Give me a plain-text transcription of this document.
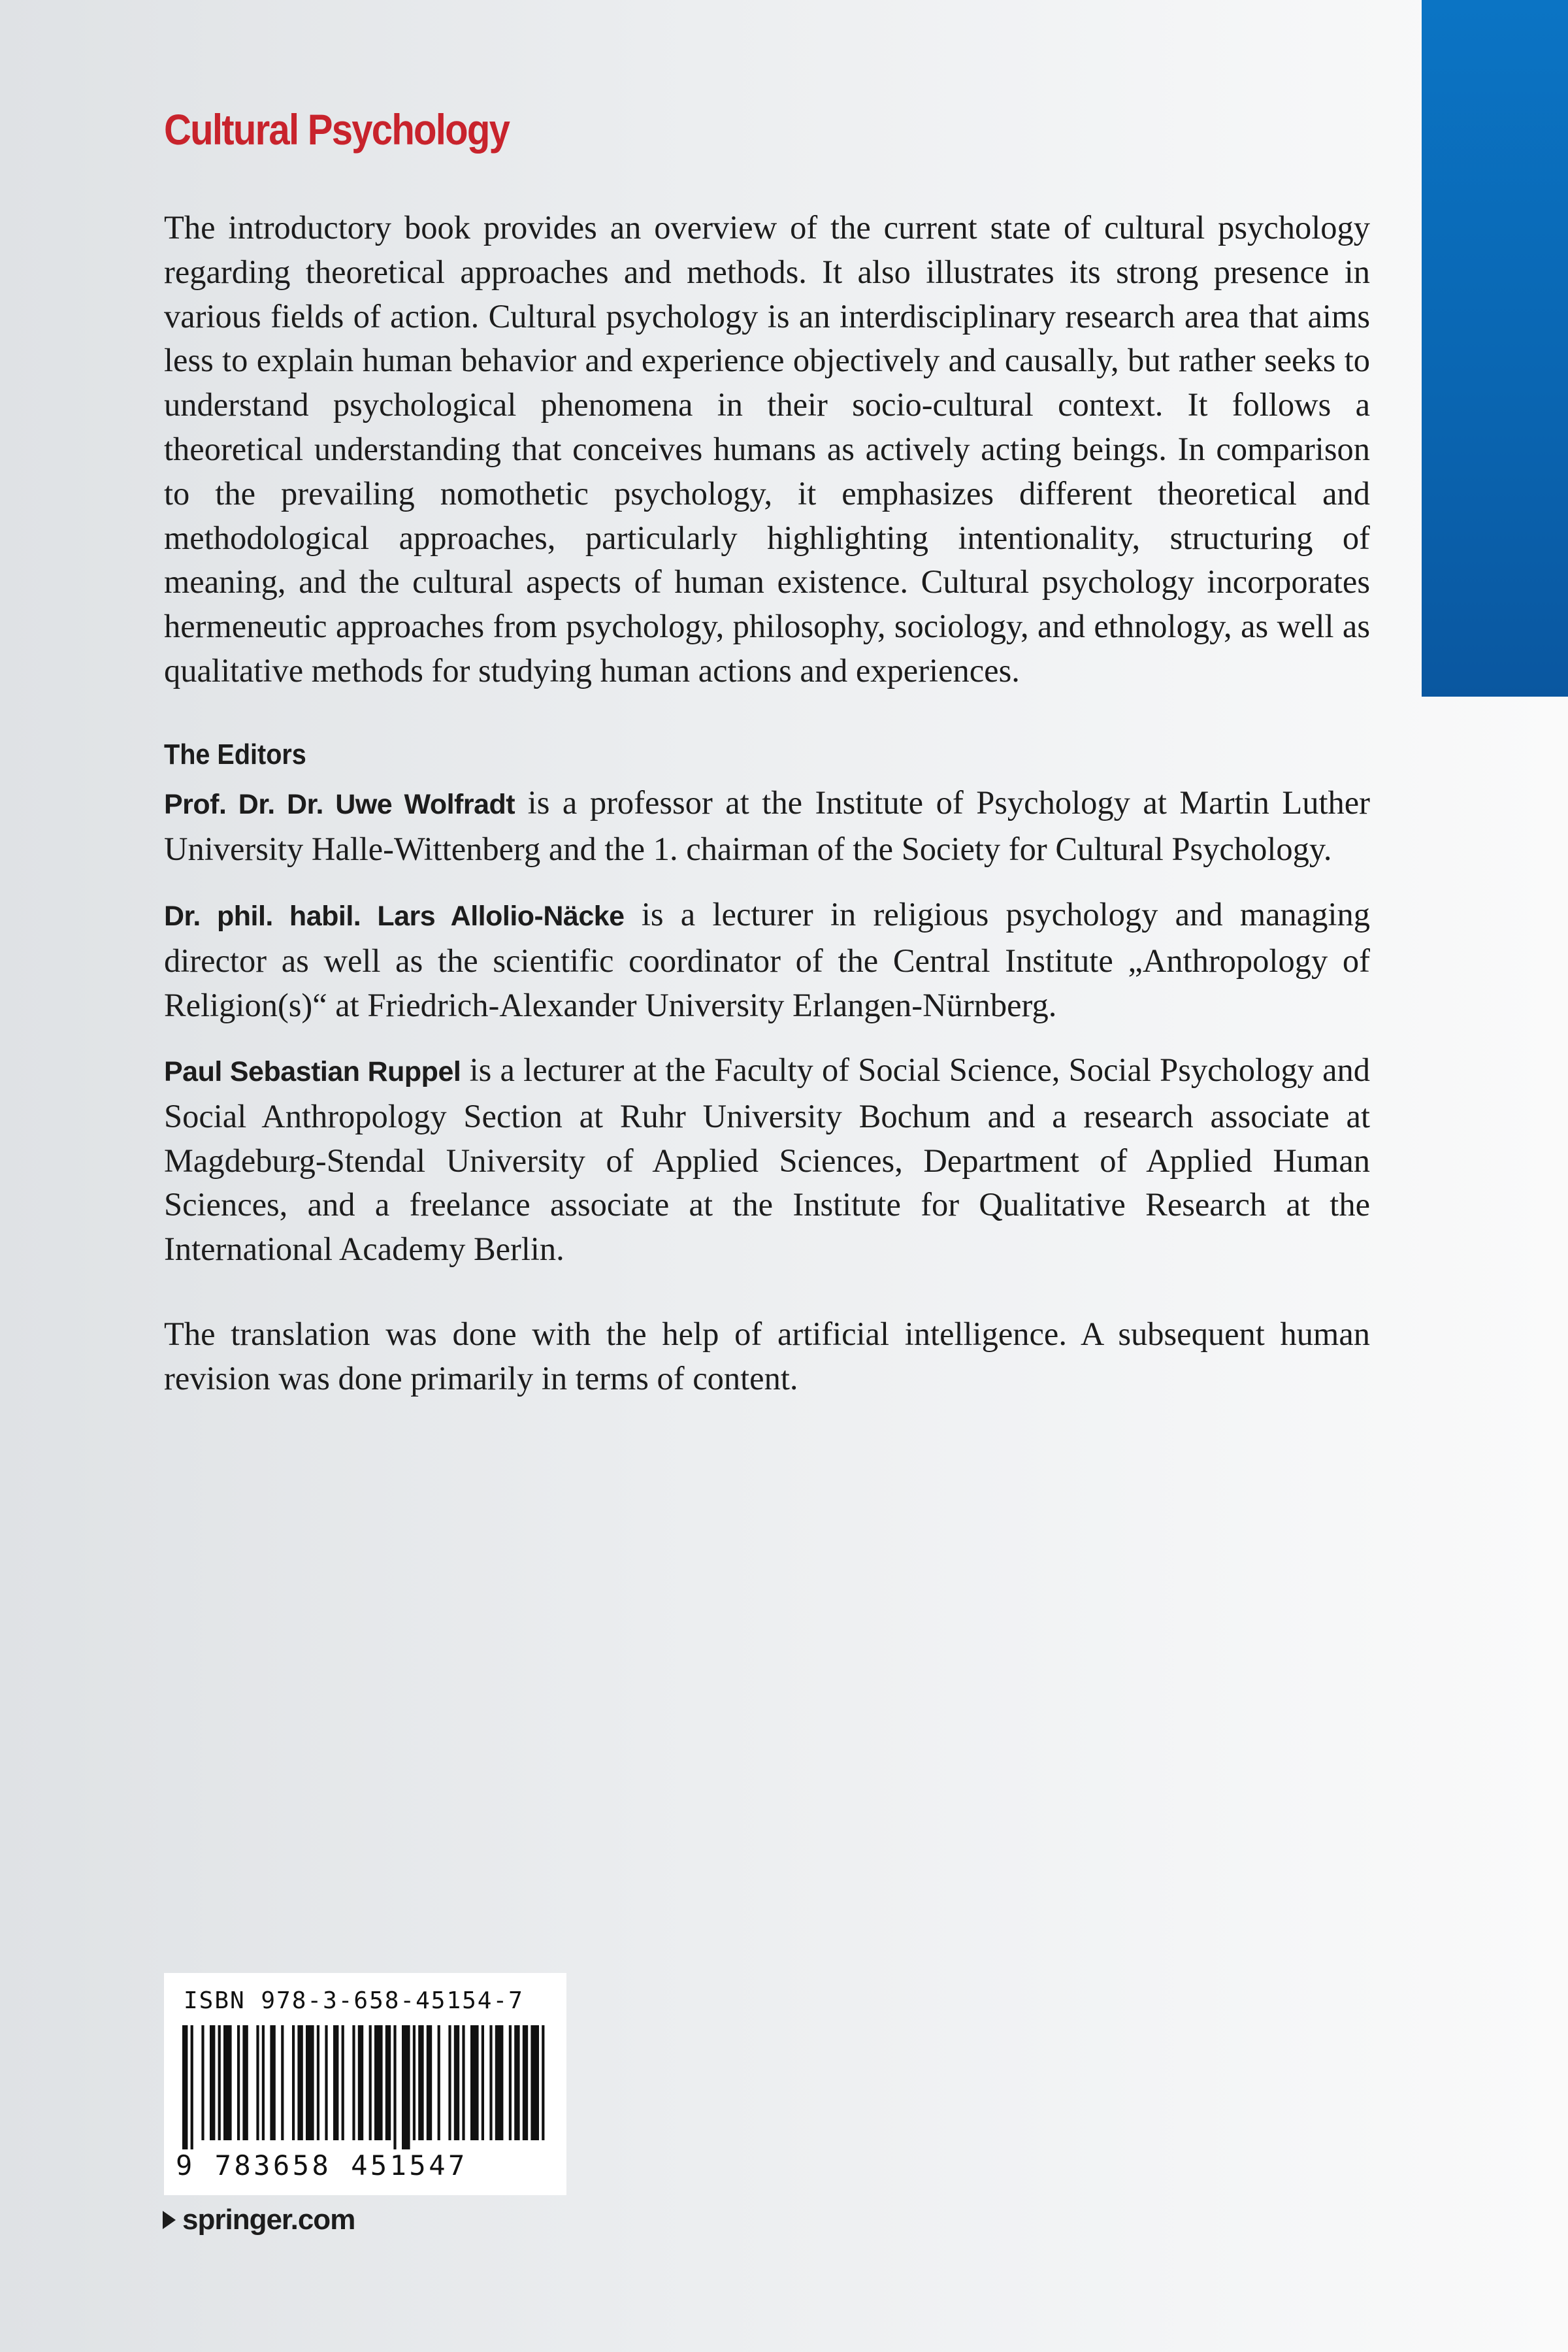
Cultural Psychology

The introductory book provides an overview of the current state of cultural psychology regarding theoretical approaches and methods. It also illustrates its strong presence in various fields of action. Cultural psychology is an interdisciplinary research area that aims less to explain human behavior and experience objectively and causally, but rather seeks to understand psychological phenomena in their socio-cultural context. It follows a theoretical understanding that conceives humans as actively acting beings. In comparison to the prevailing nomothetic psychology, it emphasizes different theoretical and methodological approaches, particularly highlighting intentionality, structuring of meaning, and the cultural aspects of human existence. Cultural psychology incorporates hermeneutic approaches from psychology, philosophy, sociology, and ethnology, as well as qualitative methods for studying human actions and experiences.

The Editors

Prof. Dr. Dr. Uwe Wolfradt is a professor at the Institute of Psychology at Martin Luther University Halle-Wittenberg and the 1. chairman of the Society for Cultural Psychology.

Dr. phil. habil. Lars Allolio-Näcke is a lecturer in religious psychology and managing director as well as the scientific coordinator of the Central Institute „Anthropology of Religion(s)“ at Friedrich-Alexander University Erlangen-Nürnberg.

Paul Sebastian Ruppel is a lecturer at the Faculty of Social Science, Social Psychology and Social Anthropology Section at Ruhr University Bochum and a research associate at Magdeburg-Stendal University of Applied Sciences, Department of Applied Human Sciences, and a freelance associate at the Institute for Qualitative Research at the International Academy Berlin.

The translation was done with the help of artificial intelligence. A subsequent human revision was done primarily in terms of content.

ISBN 978-3-658-45154-7
9 783658 451547
springer.com
